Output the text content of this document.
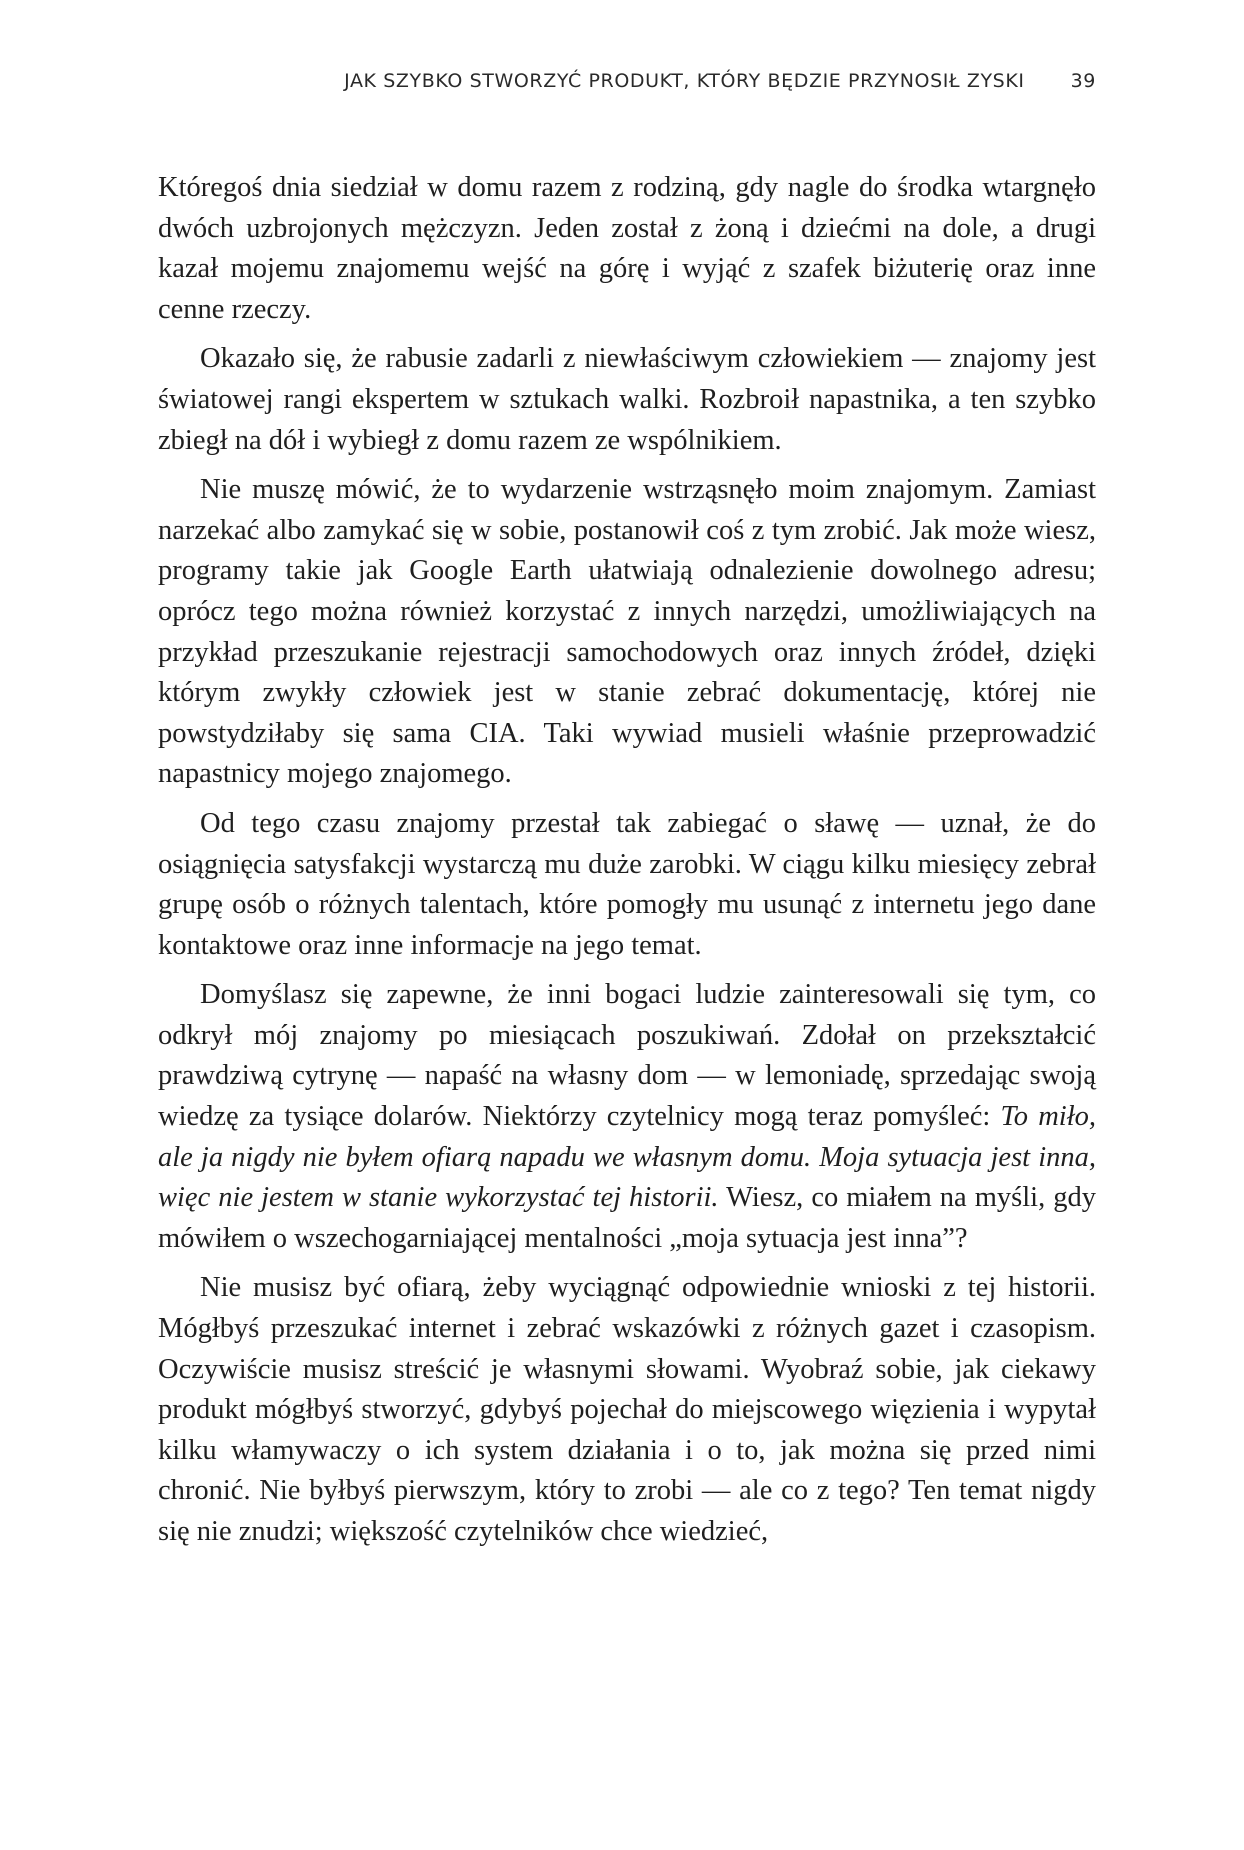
JAK SZYBKO STWORZYĆ PRODUKT, KTÓRY BĘDZIE PRZYNOSIŁ ZYSKI 39

Któregoś dnia siedział w domu razem z rodziną, gdy nagle do środka wtargnęło dwóch uzbrojonych mężczyzn. Jeden został z żoną i dziećmi na dole, a drugi kazał mojemu znajomemu wejść na górę i wyjąć z szafek biżuterię oraz inne cenne rzeczy.

Okazało się, że rabusie zadarli z niewłaściwym człowiekiem — znajomy jest światowej rangi ekspertem w sztukach walki. Rozbroił napastnika, a ten szybko zbiegł na dół i wybiegł z domu razem ze wspólnikiem.

Nie muszę mówić, że to wydarzenie wstrząsnęło moim znajomym. Zamiast narzekać albo zamykać się w sobie, postanowił coś z tym zrobić. Jak może wiesz, programy takie jak Google Earth ułatwiają odnalezienie dowolnego adresu; oprócz tego można również korzystać z innych narzędzi, umożliwiających na przykład przeszukanie rejestracji samochodowych oraz innych źródeł, dzięki którym zwykły człowiek jest w stanie zebrać dokumentację, której nie powstydziłaby się sama CIA. Taki wywiad musieli właśnie przeprowadzić napastnicy mojego znajomego.

Od tego czasu znajomy przestał tak zabiegać o sławę — uznał, że do osiągnięcia satysfakcji wystarczą mu duże zarobki. W ciągu kilku miesięcy zebrał grupę osób o różnych talentach, które pomogły mu usunąć z internetu jego dane kontaktowe oraz inne informacje na jego temat.

Domyślasz się zapewne, że inni bogaci ludzie zainteresowali się tym, co odkrył mój znajomy po miesiącach poszukiwań. Zdołał on przekształcić prawdziwą cytrynę — napaść na własny dom — w lemoniadę, sprzedając swoją wiedzę za tysiące dolarów. Niektórzy czytelnicy mogą teraz pomyśleć: To miło, ale ja nigdy nie byłem ofiarą napadu we własnym domu. Moja sytuacja jest inna, więc nie jestem w stanie wykorzystać tej historii. Wiesz, co miałem na myśli, gdy mówiłem o wszechogarniającej mentalności „moja sytuacja jest inna”?

Nie musisz być ofiarą, żeby wyciągnąć odpowiednie wnioski z tej historii. Mógłbyś przeszukać internet i zebrać wskazówki z różnych gazet i czasopism. Oczywiście musisz streścić je własnymi słowami. Wyobraź sobie, jak ciekawy produkt mógłbyś stworzyć, gdybyś pojechał do miejscowego więzienia i wypytał kilku włamywaczy o ich system działania i o to, jak można się przed nimi chronić. Nie byłbyś pierwszym, który to zrobi — ale co z tego? Ten temat nigdy się nie znudzi; większość czytelników chce wiedzieć,
